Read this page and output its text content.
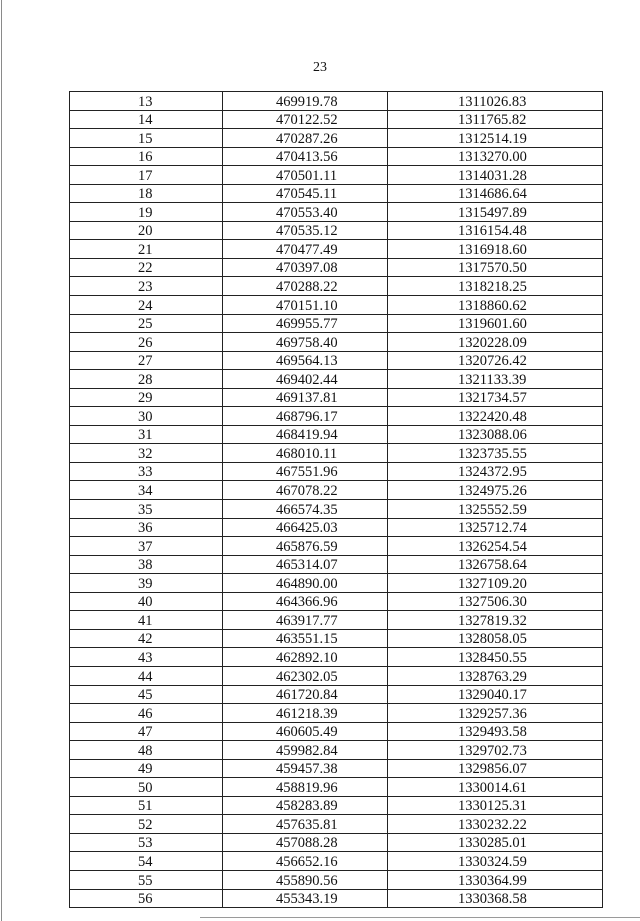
23
13	469919.78	1311026.83
14	470122.52	1311765.82
15	470287.26	1312514.19
16	470413.56	1313270.00
17	470501.11	1314031.28
18	470545.11	1314686.64
19	470553.40	1315497.89
20	470535.12	1316154.48
21	470477.49	1316918.60
22	470397.08	1317570.50
23	470288.22	1318218.25
24	470151.10	1318860.62
25	469955.77	1319601.60
26	469758.40	1320228.09
27	469564.13	1320726.42
28	469402.44	1321133.39
29	469137.81	1321734.57
30	468796.17	1322420.48
31	468419.94	1323088.06
32	468010.11	1323735.55
33	467551.96	1324372.95
34	467078.22	1324975.26
35	466574.35	1325552.59
36	466425.03	1325712.74
37	465876.59	1326254.54
38	465314.07	1326758.64
39	464890.00	1327109.20
40	464366.96	1327506.30
41	463917.77	1327819.32
42	463551.15	1328058.05
43	462892.10	1328450.55
44	462302.05	1328763.29
45	461720.84	1329040.17
46	461218.39	1329257.36
47	460605.49	1329493.58
48	459982.84	1329702.73
49	459457.38	1329856.07
50	458819.96	1330014.61
51	458283.89	1330125.31
52	457635.81	1330232.22
53	457088.28	1330285.01
54	456652.16	1330324.59
55	455890.56	1330364.99
56	455343.19	1330368.58
